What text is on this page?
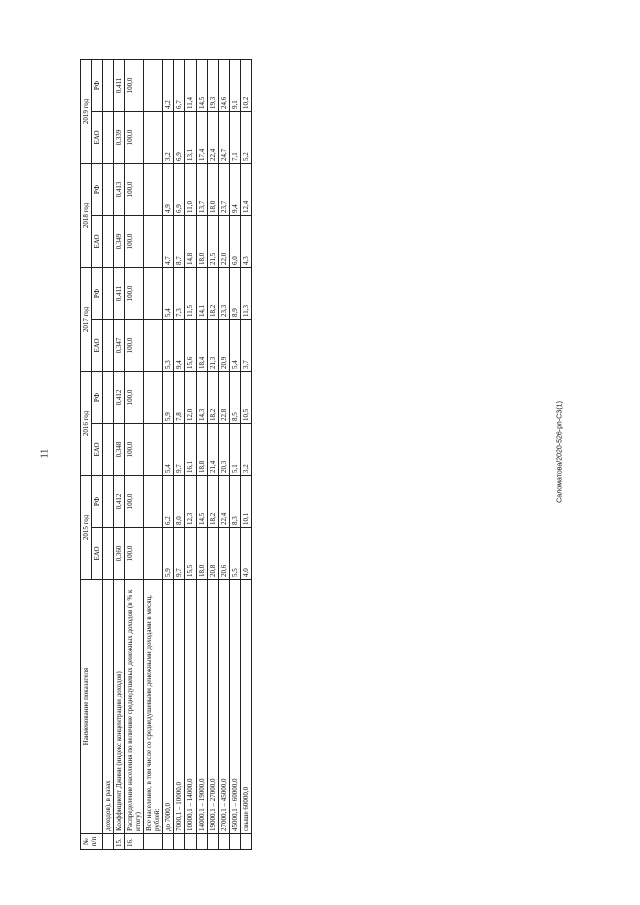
11	Саломатова/2020-526-рп-СЗ(1)
№ п/п	Наименование показателя	2015 год		2016 год		2017 год		2018 год		2019 год	
		ЕАО	РФ	ЕАО	РФ	ЕАО	РФ	ЕАО	РФ	ЕАО	РФ
	доходов), в разах										
15.	Коэффициент Джини (индекс концентрации доходов)	0,360	0,412	0,348	0,412	0,347	0,411	0,349	0,413	0,339	0,411
16.	Распределение населения по величине среднедушевых денежных доходов (в % к итогу)	100,0	100,0	100,0	100,0	100,0	100,0	100,0	100,0	100,0	100,0
	Все население, в том числе со среднедушевыми денежными доходами в месяц, рублей:										
	до 7000,0	5,9	6,2	5,4	5,9	5,3	5,4	4,7	4,9	3,2	4,2
	7000,1 – 10000,0	9,7	8,0	9,7	7,8	9,4	7,3	8,7	6,9	6,9	6,7
	10000,1 – 14000,0	15,5	12,3	16,1	12,0	15,6	11,5	14,8	11,0	13,1	11,4
	14000,1 – 19000,0	18,0	14,5	18,8	14,3	18,4	14,1	18,0	13,7	17,4	14,5
	19000,1 – 27000,0	20,8	18,2	21,4	18,2	21,3	18,2	21,5	18,0	22,4	19,3
	27000,1 – 45000,0	20,6	22,4	20,3	22,8	20,9	23,3	22,0	23,7	24,7	24,6
	45000,1 – 60000,0	5,5	8,3	5,1	8,5	5,4	8,9	6,0	9,4	7,1	9,1
	свыше 60000,0	4,0	10,1	3,2	10,5	3,7	11,3	4,3	12,4	5,2	10,2
